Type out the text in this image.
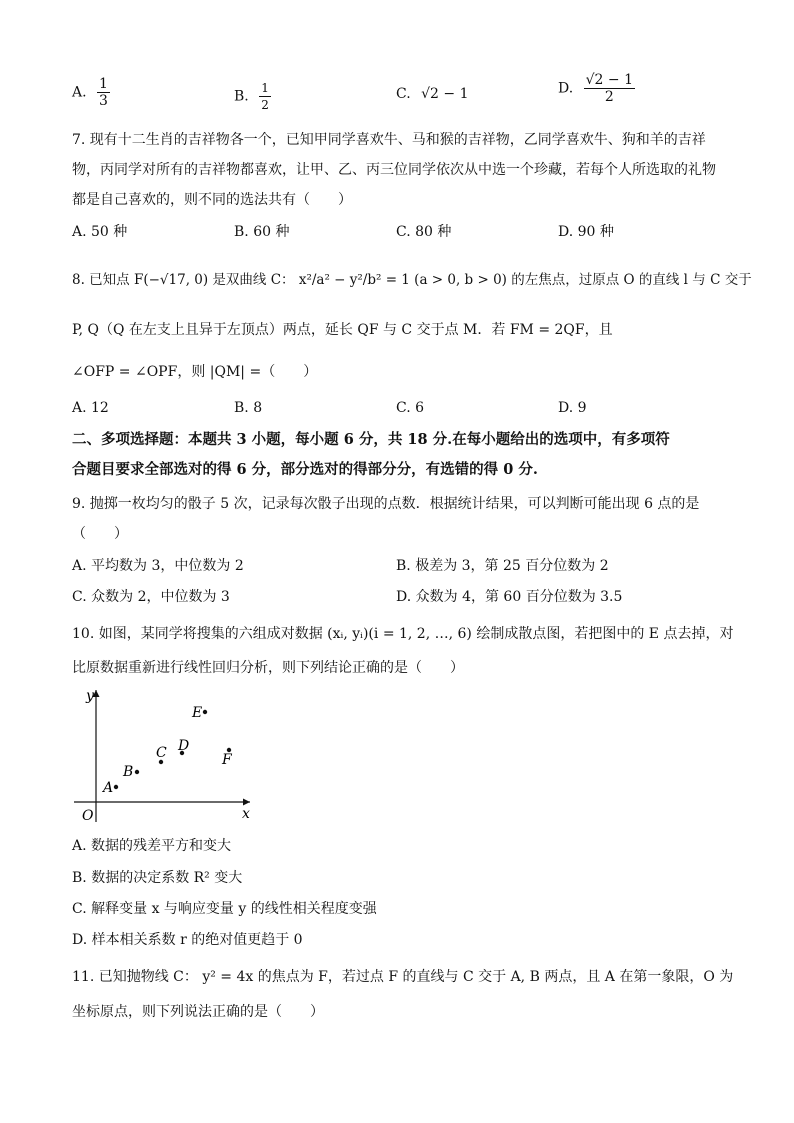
A. $\frac{1}{3}$	B. $\frac{1}{2}$	C. √2 − 1	D. $\frac{√2 - 1}{2}$
7. 现有十二生肖的吉祥物各一个，已知甲同学喜欢牛、马和猴的吉祥物，乙同学喜欢牛、狗和羊的吉祥
物，丙同学对所有的吉祥物都喜欢，让甲、乙、丙三位同学依次从中选一个珍藏，若每个人所选取的礼物
都是自己喜欢的，则不同的选法共有（　　）
A. 50 种	B. 60 种	C. 80 种	D. 90 种
8. 已知点 F(−√17, 0) 是双曲线 C： x²/a² − y²/b² = 1 (a > 0, b > 0) 的左焦点，过原点 O 的直线 l 与 C 交于
P, Q（Q 在左支上且异于左顶点）两点，延长 QF 与 C 交于点 M．若 FM = 2QF，且
∠OFP = ∠OPF，则 |QM| =（　　）
A. 12	B. 8	C. 6	D. 9
二、多项选择题：本题共 3 小题，每小题 6 分，共 18 分.在每小题给出的选项中，有多项符
合题目要求全部选对的得 6 分，部分选对的得部分分，有选错的得 0 分.
9. 抛掷一枚均匀的骰子 5 次，记录每次骰子出现的点数．根据统计结果，可以判断可能出现 6 点的是
（　　）
A. 平均数为 3，中位数为 2	B. 极差为 3，第 25 百分位数为 2
C. 众数为 2，中位数为 3	D. 众数为 4，第 60 百分位数为 3.5
10. 如图，某同学将搜集的六组成对数据 (xᵢ, yᵢ)(i = 1, 2, …, 6) 绘制成散点图，若把图中的 E 点去掉，对
比原数据重新进行线性回归分析，则下列结论正确的是（　　）
y
x
O
A
B
C D
E
F
A. 数据的残差平方和变大
B. 数据的决定系数 R² 变大
C. 解释变量 x 与响应变量 y 的线性相关程度变强
D. 样本相关系数 r 的绝对值更趋于 0
11. 已知抛物线 C： y² = 4x 的焦点为 F，若过点 F 的直线与 C 交于 A, B 两点，且 A 在第一象限，O 为
坐标原点，则下列说法正确的是（　　）
